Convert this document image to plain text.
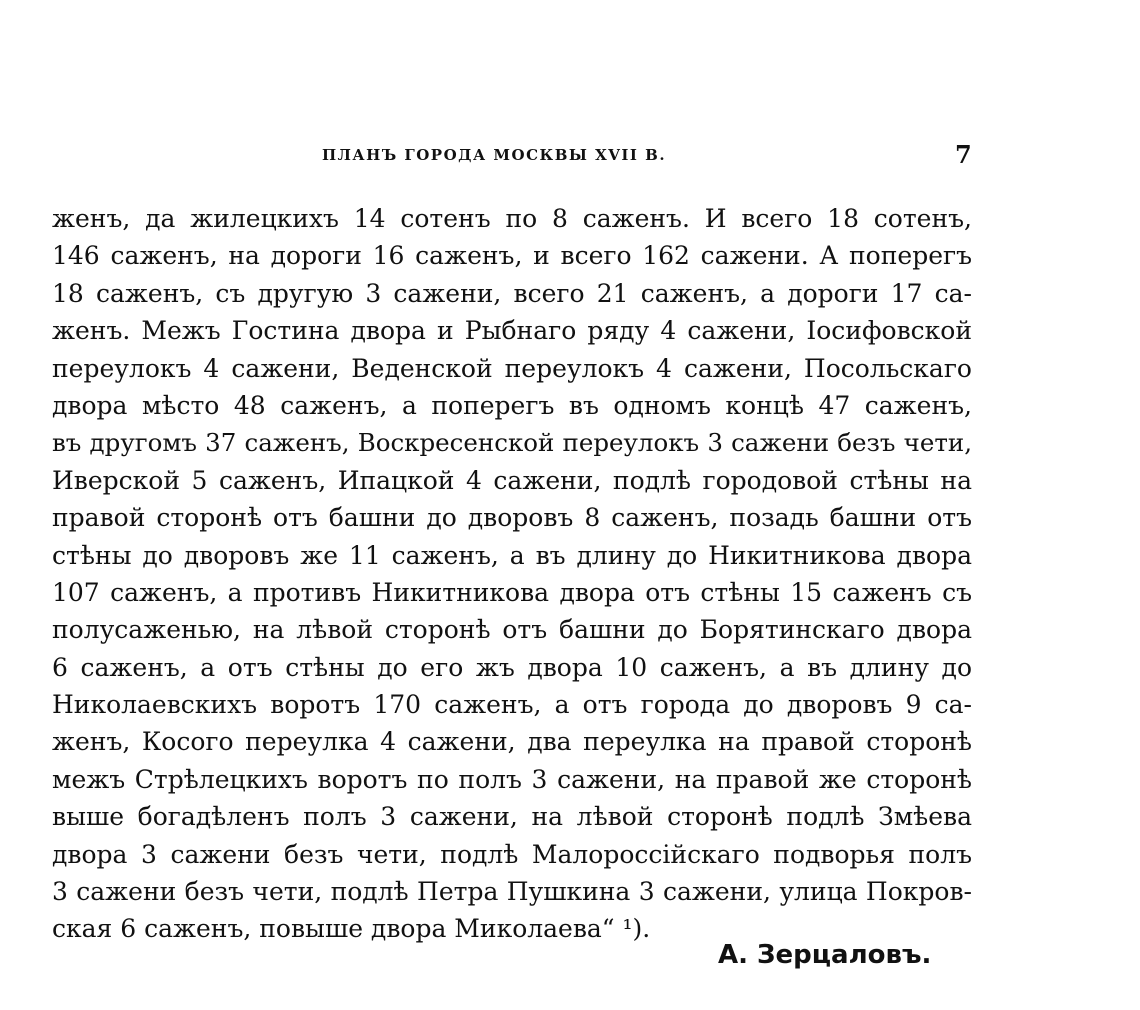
ПЛАНЪ ГОРОДА МОСКВЫ XVII В.	7
женъ, да жилецкихъ 14 сотенъ по 8 саженъ. И всего 18 сотенъ,
146 саженъ, на дороги 16 саженъ, и всего 162 сажени. А поперегъ
18 саженъ, съ другую 3 сажени, всего 21 саженъ, а дороги 17 са-
женъ. Межъ Гостина двора и Рыбнаго ряду 4 сажени, Іосифовской
переулокъ 4 сажени, Веденской переулокъ 4 сажени, Посольскаго
двора мѣсто 48 саженъ, а поперегъ въ одномъ концѣ 47 саженъ,
въ другомъ 37 саженъ, Воскресенской переулокъ 3 сажени безъ чети,
Иверской 5 саженъ, Ипацкой 4 сажени, подлѣ городовой стѣны на
правой сторонѣ отъ башни до дворовъ 8 саженъ, позадь башни отъ
стѣны до дворовъ же 11 саженъ, а въ длину до Никитникова двора
107 саженъ, а противъ Никитникова двора отъ стѣны 15 саженъ съ
полусаженью, на лѣвой сторонѣ отъ башни до Борятинскаго двора
6 саженъ, а отъ стѣны до его жъ двора 10 саженъ, а въ длину до
Николаевскихъ воротъ 170 саженъ, а отъ города до дворовъ 9 са-
женъ, Косого переулка 4 сажени, два переулка на правой сторонѣ
межъ Стрѣлецкихъ воротъ по полъ 3 сажени, на правой же сторонѣ
выше богадѣленъ полъ 3 сажени, на лѣвой сторонѣ подлѣ Змѣева
двора 3 сажени безъ чети, подлѣ Малороссійскаго подворья полъ
3 сажени безъ чети, подлѣ Петра Пушкина 3 сажени, улица Покров-
ская 6 саженъ, повыше двора Миколаева“ ¹).
А. Зерцаловъ.
